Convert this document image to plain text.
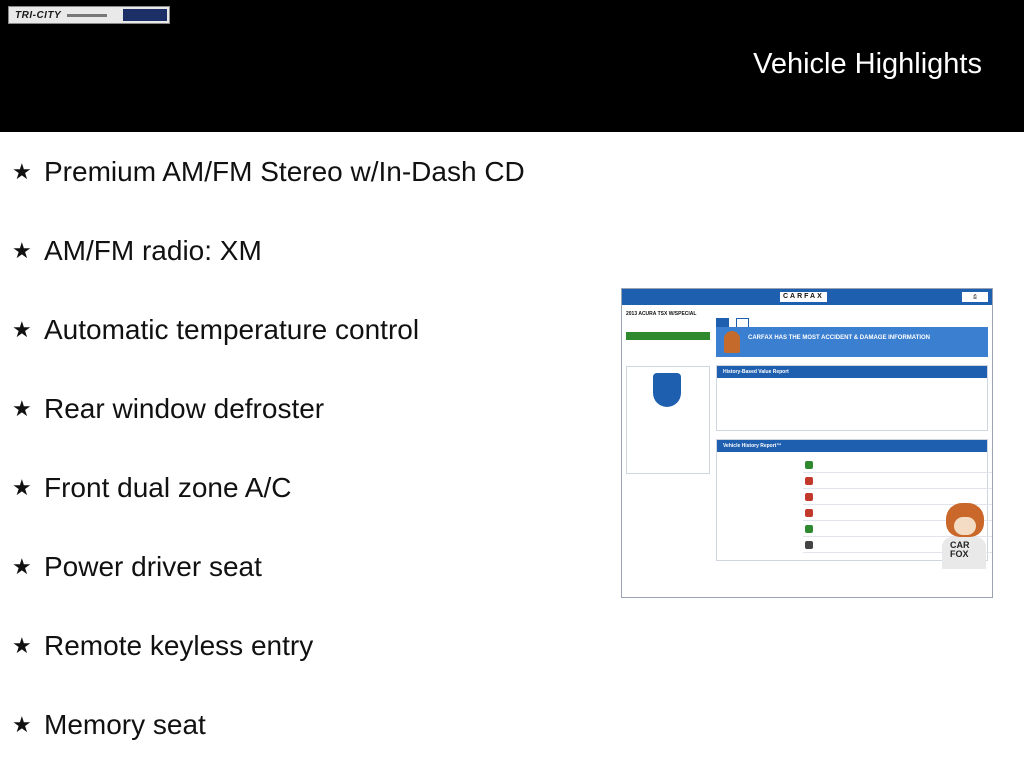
TRI-CITY
Vehicle Highlights
★ Premium AM/FM Stereo w/In-Dash CD
★ AM/FM radio: XM
★ Automatic temperature control
★ Rear window defroster
★ Front dual zone A/C
★ Power driver seat
★ Remote keyless entry
★ Memory seat
CARFAX	⎙
2013 ACURA TSX W/SPECIAL

CARFAX HAS THE MOST ACCIDENT & DAMAGE INFORMATION
History-Based Value Report

Vehicle History Report™

CAR FOX
